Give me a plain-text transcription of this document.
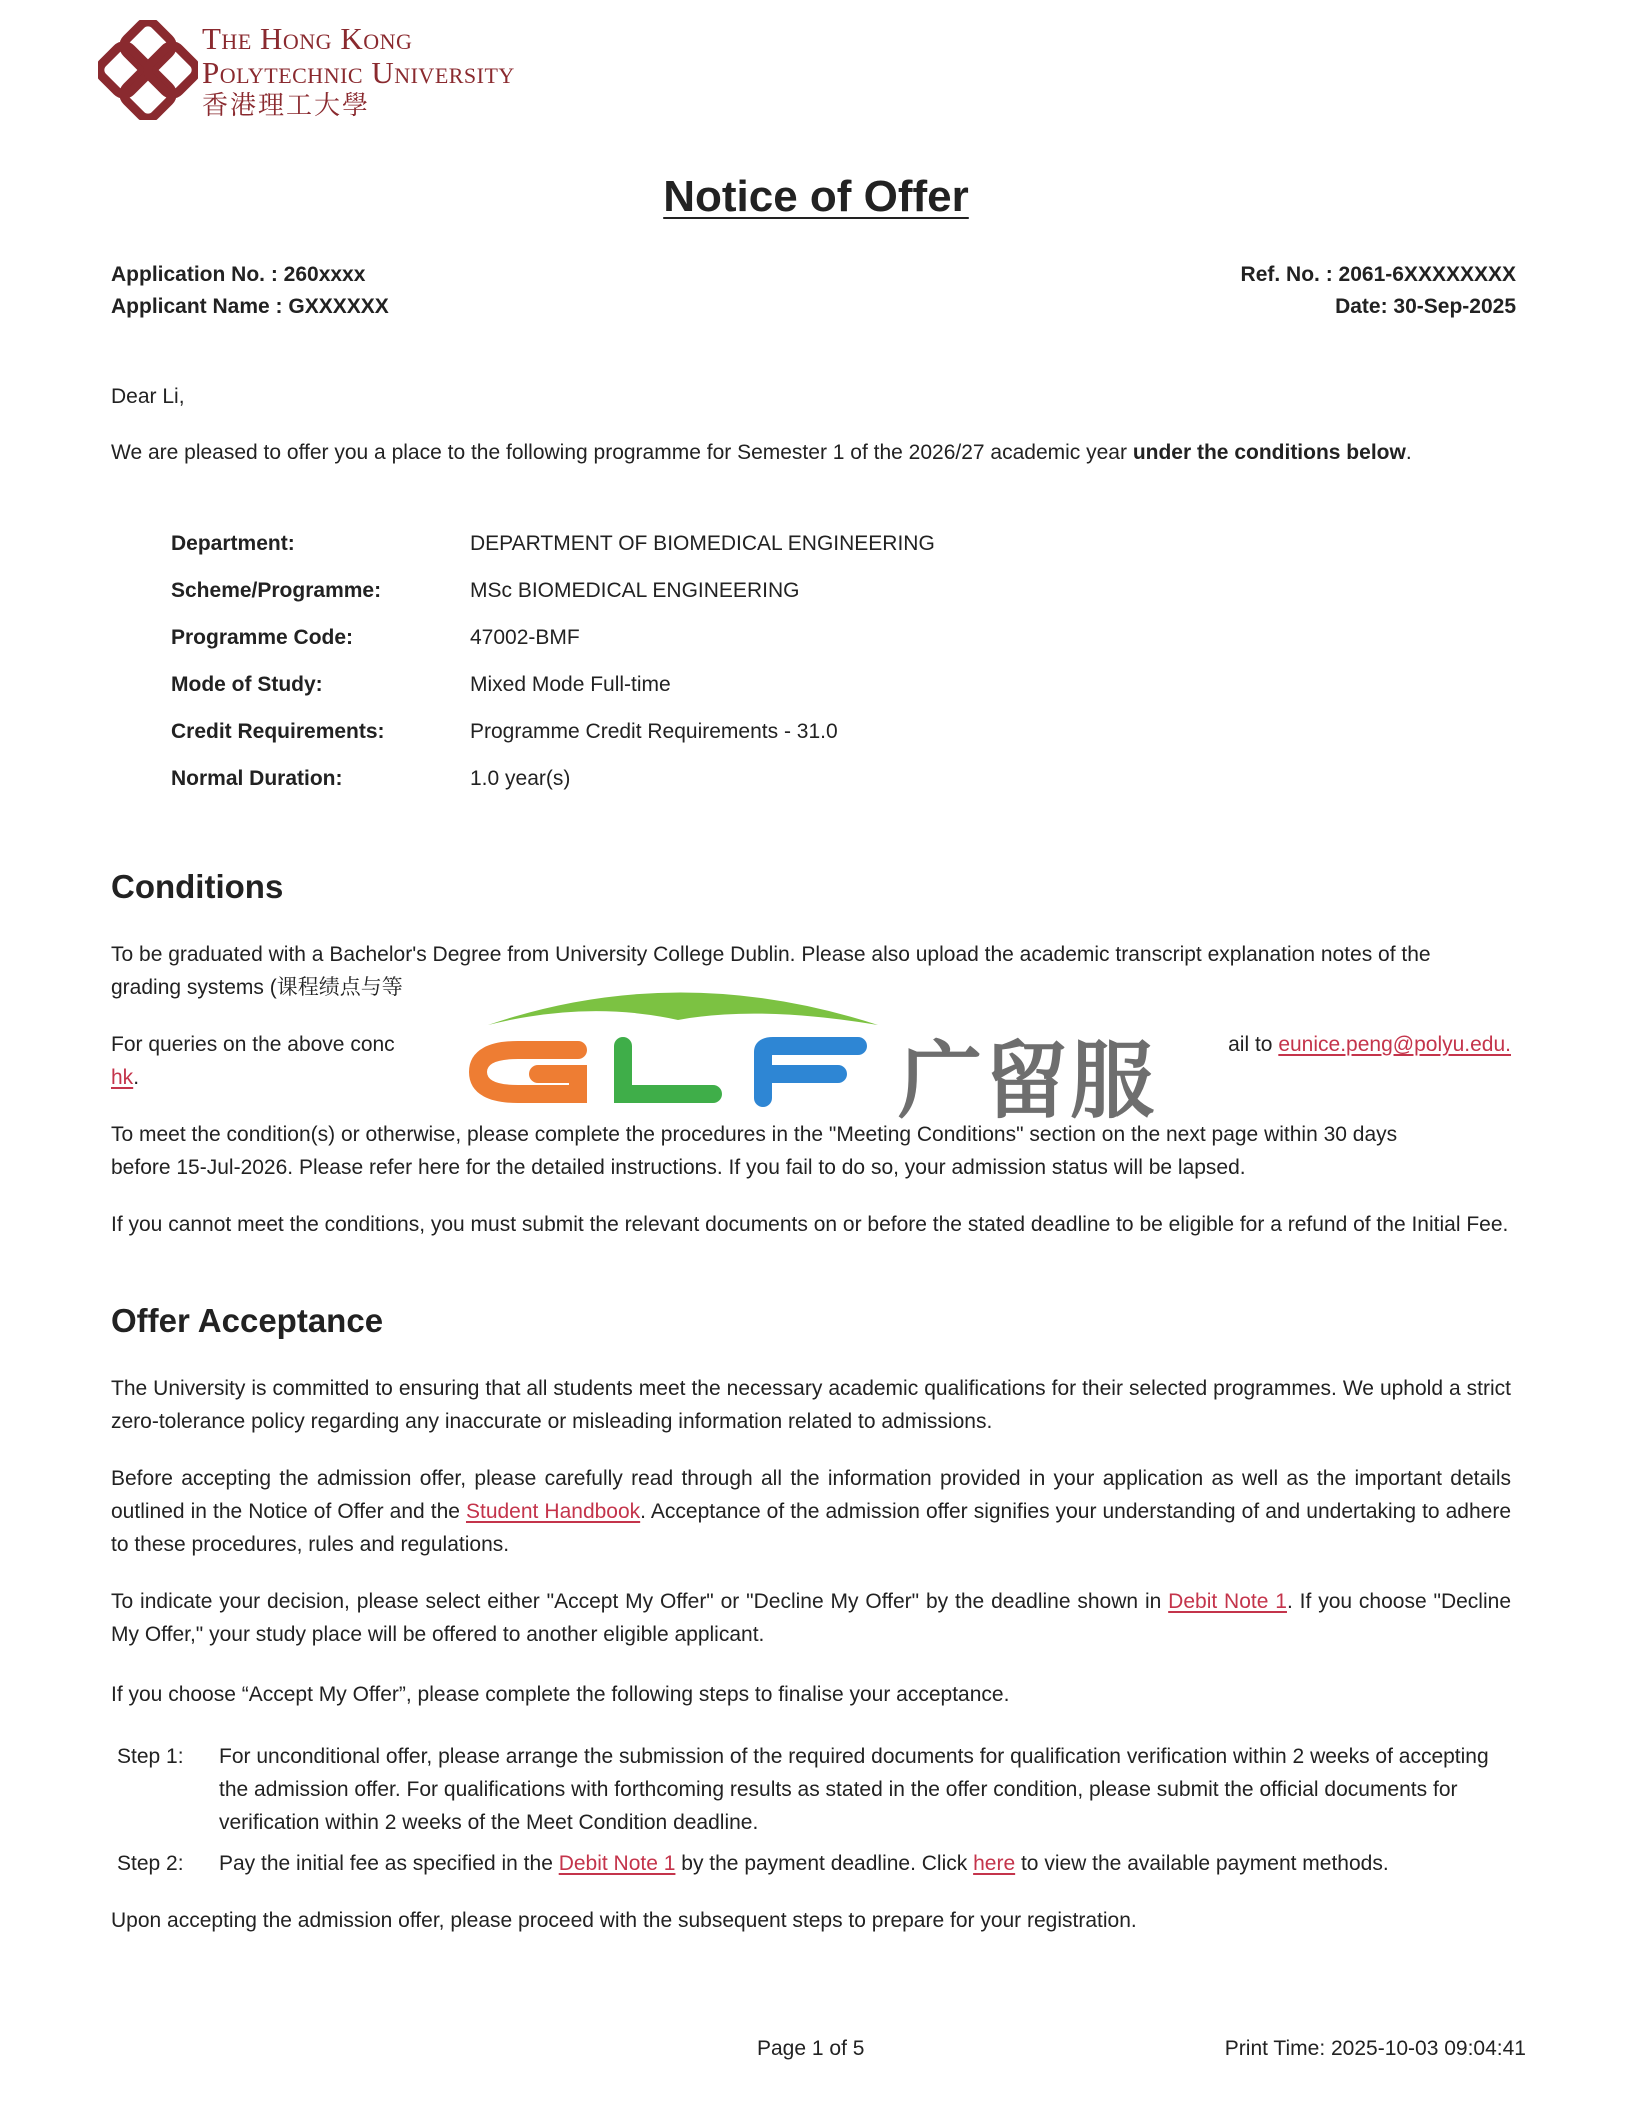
The Hong Kong
Polytechnic University
香港理工大學
Notice of Offer
Application No. : 260xxxx
Applicant Name : GXXXXXX
Ref. No. : 2061-6XXXXXXXX
Date: 30-Sep-2025
Dear Li,
We are pleased to offer you a place to the following programme for Semester 1 of the 2026/27 academic year under the conditions below.
Department:	DEPARTMENT OF BIOMEDICAL ENGINEERING
Scheme/Programme:	MSc BIOMEDICAL ENGINEERING
Programme Code:	47002-BMF
Mode of Study:	Mixed Mode Full-time
Credit Requirements:	Programme Credit Requirements - 31.0
Normal Duration:	1.0 year(s)
Conditions
To be graduated with a Bachelor's Degree from University College Dublin. Please also upload the academic transcript explanation notes of the
grading systems (课程绩点与等
For queries on the above conc	ail to eunice.peng@polyu.edu.
hk.
To meet the condition(s) or otherwise, please complete the procedures in the "Meeting Conditions" section on the next page within 30 days
before 15-Jul-2026. Please refer here for the detailed instructions. If you fail to do so, your admission status will be lapsed.
If you cannot meet the conditions, you must submit the relevant documents on or before the stated deadline to be eligible for a refund of the Initial Fee.
Offer Acceptance
The University is committed to ensuring that all students meet the necessary academic qualifications for their selected programmes. We uphold a strict zero-tolerance policy regarding any inaccurate or misleading information related to admissions.
Before accepting the admission offer, please carefully read through all the information provided in your application as well as the important details outlined in the Notice of Offer and the Student Handbook. Acceptance of the admission offer signifies your understanding of and undertaking to adhere to these procedures, rules and regulations.
To indicate your decision, please select either "Accept My Offer" or "Decline My Offer" by the deadline shown in Debit Note 1. If you choose "Decline My Offer," your study place will be offered to another eligible applicant.
If you choose “Accept My Offer”, please complete the following steps to finalise your acceptance.
Step 1:	For unconditional offer, please arrange the submission of the required documents for qualification verification within 2 weeks of accepting the admission offer. For qualifications with forthcoming results as stated in the offer condition, please submit the official documents for verification within 2 weeks of the Meet Condition deadline.
Step 2:	Pay the initial fee as specified in the Debit Note 1 by the payment deadline. Click here to view the available payment methods.
Upon accepting the admission offer, please proceed with the subsequent steps to prepare for your registration.
Page 1 of 5	Print Time: 2025-10-03 09:04:41
广留服
